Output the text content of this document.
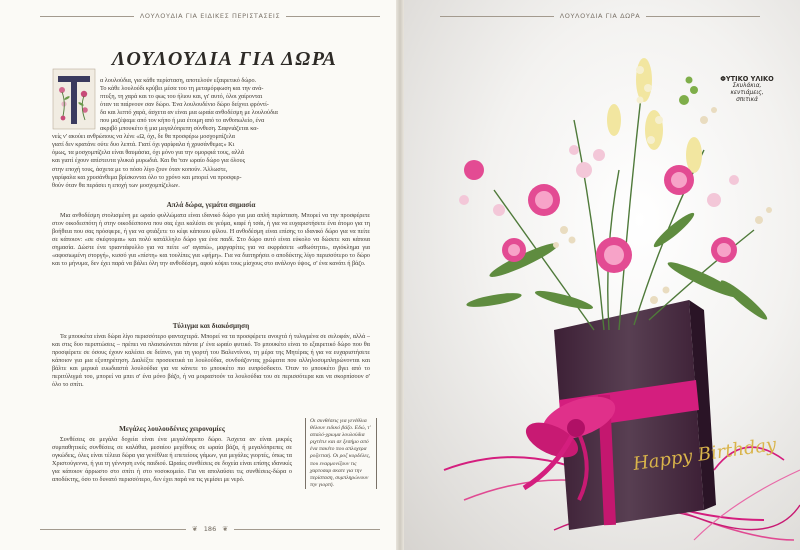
ΛΟΥΛΟΥΔΙΑ ΓΙΑ ΕΙΔΙΚΕΣ ΠΕΡΙΣΤΑΣΕΙΣ
ΛΟΥΛΟΥΔΙΑ ΓΙΑ ΔΩΡΑ

α λουλούδια, για κάθε περίσταση, αποτελούν εξαιρετικό δώρο.

Το κάθε λουλούδι κρύβει μέσα του τη μεταμόρφωση και την ανά-

πτυξη, τη χαρά και το φως του ήλιου και, γι' αυτό, όλοι χαίρονται

όταν τα παίρνουν σαν δώρο. Ένα λουλουδένιο δώρο δείχνει φρόντί-

δα και λεπτό χαρά, άσχετα αν είναι μια ωραία ανθοδέσμη με λουλούδια

που μαζέψαμε από τον κήπο ή μια έτοιμη από το ανθοπωλείο, ένα

ακριβό μπουκέτο ή μια μεγαλόπρεπη σύνθεση. Σαφνιάζεται κα-

νείς ν' ακούει ανθρώπους να λένε «Ω, όχι, δε θα προσφέρω μοσχομπίζελα

γιατί δεν κρατάνε ούτε δυο λεπτά. Γιατί όχι γαρίφαλα ή χρυσάνθεμα;» Κι

όμως, τα μοσχομπίζελα είναι θαυμάσια, όχι μόνο για την ομορφιά τους, αλλά

και γιατί έχουν απίστευτα γλυκιά μυρωδιά. Και θα 'ταν ωραίο δώρο για όλους

στην εποχή τους, άσχετα με το πόσο λίγο ζουν όταν κοπούν. Άλλωστε,

γαρίφαλα και χρυσάνθεμα βρίσκονται όλο το χρόνο και μπορεί να προσφερ-

θούν όταν θα περάσει η εποχή των μοσχομπίζελων.

Απλά δώρα, γεμάτα σημασία

Μια ανθοδέσμη στολισμένη με ωραίο φυλλώματα είναι ιδανικό δώρο για μια απλή περίσταση. Μπορεί να την προσφέρετε στον οικοδεσπότη ή στην οικοδέσποινα που σας έχει καλέσει σε γεύμα, καφέ ή τσάι, ή για να ευχαριστήσετε ένα άτομο για τη βοήθεια που σας πρόσφερε, ή για να φτιάξετε το κέφι κάποιου φίλου. Η ανθοδέσμη είναι επίσης το ιδανικό δώρο για να πείτε σε κάποιον: «σε σκέφτομαι» και πολύ κατάλληλο δώρο για ένα παιδί. Στο δώρο αυτό είναι εύκολο να δώσετε και κάποια σημασία. Δώστε ένα τριαντάφυλλο για να πείτε «σ' αγαπώ», μαργαρίτες για να εκφράσετε «αθωότητα», αγιόκλημα για «αφοσιωμένη στοργή», κισσό για «πίστη» και τουλίπες για «φήμη». Για να διατηρήσει ο αποδέκτης λίγο περισσότερο το δώρο και το μήνυμα, δεν έχει παρά να βάλει όλη την ανθοδέσμη, αφού κόψει τους μίσχους στο ανάλογο ύψος, σ' ένα κανάτι ή βάζο.

Τύλιγμα και διακόσμηση

Τα μπουκέτα είναι δώρα λίγο περισσότερο φανταχτερά. Μπορεί να τα προσφέρετε ανοιχτά ή τυλιγμένα σε σελοφάν, αλλά – και στις δυο περιπτώσεις – πρέπει να πλαισιώνεται πάντα μ' ένα ωραίο φυτικό. Το μπουκέτο είναι το εξαιρετικό δώρο που θα προσφέρετε σε όσους έχουν καλέσει σε δείπνο, για τη γιορτή του Βαλεντίνου, τη μέρα της Μητέρας ή για να ευχαριστήσετε κάποιον για μια εξυπηρέτηση. Διαλέξτε προσεκτικά τα λουλούδια, συνδυάζοντας χρώματα που αλληλοσυμπληρώνονται και βάλτε και μερικά ευωδιαστά λουλούδια για να κάνετε το μπουκέτο πιο ευπρόσδεκτο. Όταν το μπουκέτο βγει από το περιτύλιγμά του, μπορεί να μπει σ' ένα μόνο βάζο, ή να μοιραστούν τα λουλούδια του σε περισσότερα και να σκορπίσουν σ' όλο το σπίτι.

Μεγάλες λουλουδένιες χειρονομίες

Συνθέσεις σε μεγάλα δοχεία είναι ένα μεγαλόπρεπο δώρο. Άσχετα αν είναι μικρές συμπαθητικές συνθέσεις σε καλάθια, μεσαίου μεγέθους σε ωραία βάζα, ή μεγαλόπρεπες σε ογκώδεις, όλες είναι τέλεια δώρα για γενέθλια ή επετείους γάμων, για μεγάλες γιορτές, όπως τα Χριστούγεννα, ή για τη γέννηση ενός παιδιού. Ωραίες συνθέσεις σε δοχεία είναι επίσης ιδανικές για κάποιον άρρωστο στο σπίτι ή στο νοσοκομείο. Για να απολαύσει τις συνθέσεις-δώρα ο αποδέκτης, όσο το δυνατό περισσότερο, δεν έχει παρά να τις γεμίσει με νερό.

Οι συνθέσεις για γενέθλια θέλουν ειδικό βάζο. Εδώ, τ' απαλό-χρωμα λουλούδια ριχτέτιε και σε ξεσήμο από ένα πακέτο που απλοχερα ροζοτταή. Οι ροζ κορδέλες, που εναρμονίζουν τις χαρτοσαρ σκατε για την περίσταση, συμπληρώνουν την γιορτή.
❦ 186 ❦
Happy Birthday
ΛΟΥΛΟΥΔΙΑ ΓΙΑ ΔΩΡΑ
ΦΥΤΙΚΟ ΥΛΙΚΟ
Σκυλάκια,
κεντιάμεις,
σπιτικά
